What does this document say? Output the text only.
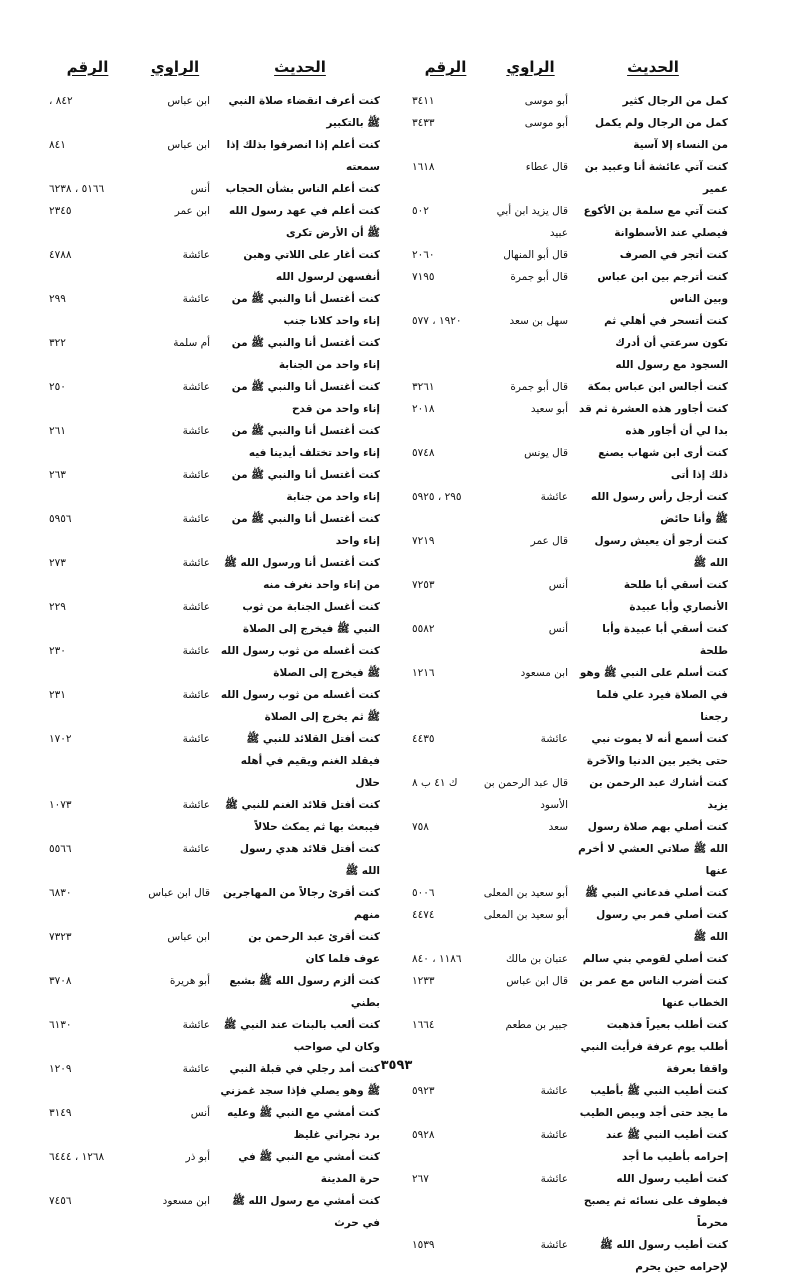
الحديث
الراوي
الرقم
كمل من الرجال كثير
أبو موسى
٣٤١١
كمل من الرجال ولم يكمل من النساء إلا آسية
أبو موسى
٣٤٣٣
كنت آتي عائشة أنا وعبيد بن عمير
قال عطاء
١٦١٨
كنت آتي مع سلمة بن الأكوع فيصلي عند الأسطوانة
قال يزيد ابن أبي عبيد
٥٠٢
كنت أتجر في الصرف
قال أبو المنهال
٢٠٦٠
كنت أترجم بين ابن عباس وبين الناس
قال أبو جمرة
٧١٩٥
كنت أتسحر في أهلي ثم تكون سرعتي أن أدرك السجود مع رسول الله
سهل بن سعد
١٩٢٠ ، ٥٧٧
كنت أجالس ابن عباس بمكة
قال أبو جمرة
٣٢٦١
كنت أجاور هذه العشرة ثم قد بدا لي أن أجاور هذه
أبو سعيد
٢٠١٨
كنت أرى ابن شهاب يصنع ذلك إذا أتى
قال يونس
٥٧٤٨
كنت أرجل رأس رسول الله ﷺ وأنا حائض
عائشة
٢٩٥ ، ٥٩٢٥
كنت أرجو أن يعيش رسول الله ﷺ
قال عمر
٧٢١٩
كنت أسقي أبا طلحة الأنصاري وأبا عبيدة
أنس
٧٢٥٣
كنت أسقي أبا عبيدة وأبا طلحة
أنس
٥٥٨٢
كنت أسلم على النبي ﷺ وهو في الصلاة فيرد علي فلما رجعنا
ابن مسعود
١٢١٦
كنت أسمع أنه لا يموت نبي حتى يخير بين الدنيا والآخرة
عائشة
٤٤٣٥
كنت أشارك عبد الرحمن بن يزيد
قال عبد الرحمن بن الأسود
ك ٤١ ب ٨
كنت أصلي بهم صلاة رسول الله ﷺ صلاتي العشي لا أخرم عنها
سعد
٧٥٨
كنت أصلي فدعاني النبي ﷺ
أبو سعيد بن المعلى
٥٠٠٦
كنت أصلي فمر بي رسول الله ﷺ
أبو سعيد بن المعلى
٤٤٧٤
كنت أصلي لقومي بني سالم
عتبان بن مالك
١١٨٦ ، ٨٤٠
كنت أضرب الناس مع عمر بن الخطاب عنها
قال ابن عباس
١٢٣٣
كنت أطلب بعيراً فذهبت أطلب يوم عرفة فرأيت النبي واقفا بعرفة
جبير بن مطعم
١٦٦٤
كنت أطيب النبي ﷺ بأطيب ما يجد حتى أجد وبيص الطيب
عائشة
٥٩٢٣
كنت أطيب النبي ﷺ عند إحرامه بأطيب ما أجد
عائشة
٥٩٢٨
كنت أطيب رسول الله فيطوف على نسائه ثم يصبح محرماً
عائشة
٢٦٧
كنت أطيب رسول الله ﷺ لإحرامه حين يحرم
عائشة
١٥٣٩
الحديث
الراوي
الرقم
كنت أعرف انقضاء صلاة النبي ﷺ بالتكبير
ابن عباس
٨٤٢ ،
كنت أعلم إذا انصرفوا بذلك إذا سمعته
ابن عباس
٨٤١
كنت أعلم الناس بشأن الحجاب
أنس
٥١٦٦ ، ٦٢٣٨
كنت أعلم في عهد رسول الله ﷺ أن الأرض تكرى
ابن عمر
٢٣٤٥
كنت أغار على اللاتي وهبن أنفسهن لرسول الله
عائشة
٤٧٨٨
كنت أغتسل أنا والنبي ﷺ من إناء واحد كلانا جنب
عائشة
٢٩٩
كنت أغتسل أنا والنبي ﷺ من إناء واحد من الجنابة
أم سلمة
٣٢٢
كنت أغتسل أنا والنبي ﷺ من إناء واحد من قدح
عائشة
٢٥٠
كنت أغتسل أنا والنبي ﷺ من إناء واحد تختلف أيدينا فيه
عائشة
٢٦١
كنت أغتسل أنا والنبي ﷺ من إناء واحد من جنابة
عائشة
٢٦٣
كنت أغتسل أنا والنبي ﷺ من إناء واحد
عائشة
٥٩٥٦
كنت أغتسل أنا ورسول الله ﷺ من إناء واحد نغرف منه
عائشة
٢٧٣
كنت أغسل الجنابة من ثوب النبي ﷺ فيخرج إلى الصلاة
عائشة
٢٢٩
كنت أغسله من ثوب رسول الله ﷺ فيخرج إلى الصلاة
عائشة
٢٣٠
كنت أغسله من ثوب رسول الله ﷺ ثم يخرج إلى الصلاة
عائشة
٢٣١
كنت أفتل القلائد للنبي ﷺ فيقلد الغنم ويقيم في أهله حلال
عائشة
١٧٠٢
كنت أفتل قلائد الغنم للنبي ﷺ فيبعث بها ثم يمكث حلالاً
عائشة
١٠٧٣
كنت أفتل قلائد هدي رسول الله ﷺ
عائشة
٥٥٦٦
كنت أقرئ رجالاً من المهاجرين منهم
قال ابن عباس
٦٨٣٠
كنت أقرئ عبد الرحمن بن عوف فلما كان
ابن عباس
٧٣٢٣
كنت ألزم رسول الله ﷺ بشبع بطني
أبو هريرة
٣٧٠٨
كنت ألعب بالبنات عند النبي ﷺ وكان لي صواحب
عائشة
٦١٣٠
كنت أمد رجلي في قبلة النبي ﷺ وهو يصلي فإذا سجد غمزني
عائشة
١٢٠٩
كنت أمشي مع النبي ﷺ وعليه برد نجراني غليظ
أنس
٣١٤٩
كنت أمشي مع النبي ﷺ في حرة المدينة
أبو ذر
١٢٦٨ ، ٦٤٤٤
كنت أمشي مع رسول الله ﷺ في حرث
ابن مسعود
٧٤٥٦
٣٥٩٣
